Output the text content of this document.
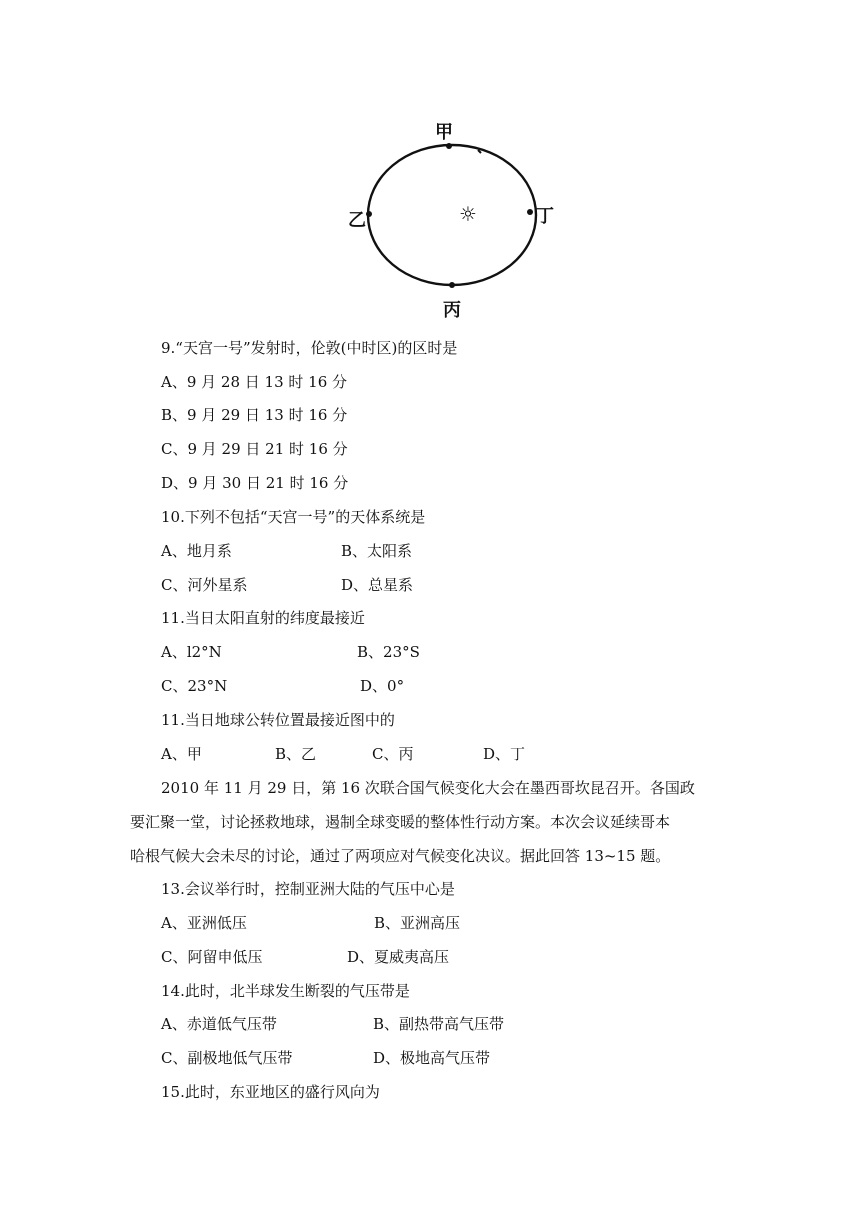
☼
甲
乙
丙
丁
9.“天宫一号”发射时，伦敦(中时区)的区时是
A、9 月 28 日 13 时 16 分
B、9 月 29 日 13 时 16 分
C、9 月 29 日 21 时 16 分
D、9 月 30 日 21 时 16 分
10.下列不包括“天宫一号”的天体系统是
A、地月系	B、太阳系
C、河外星系	D、总星系
11.当日太阳直射的纬度最接近
A、l2°N	B、23°S
C、23°N	D、0°
11.当日地球公转位置最接近图中的
A、甲	B、乙	C、丙	D、丁
2010 年 11 月 29 日，第 16 次联合国气候变化大会在墨西哥坎昆召开。各国政
要汇聚一堂，讨论拯救地球，遏制全球变暖的整体性行动方案。本次会议延续哥本
哈根气候大会未尽的讨论，通过了两项应对气候变化决议。据此回答 13~15 题。
13.会议举行时，控制亚洲大陆的气压中心是
A、亚洲低压	B、亚洲高压
C、阿留申低压	D、夏威夷高压
14.此时，北半球发生断裂的气压带是
A、赤道低气压带	B、副热带高气压带
C、副极地低气压带	D、极地高气压带
15.此时，东亚地区的盛行风向为
